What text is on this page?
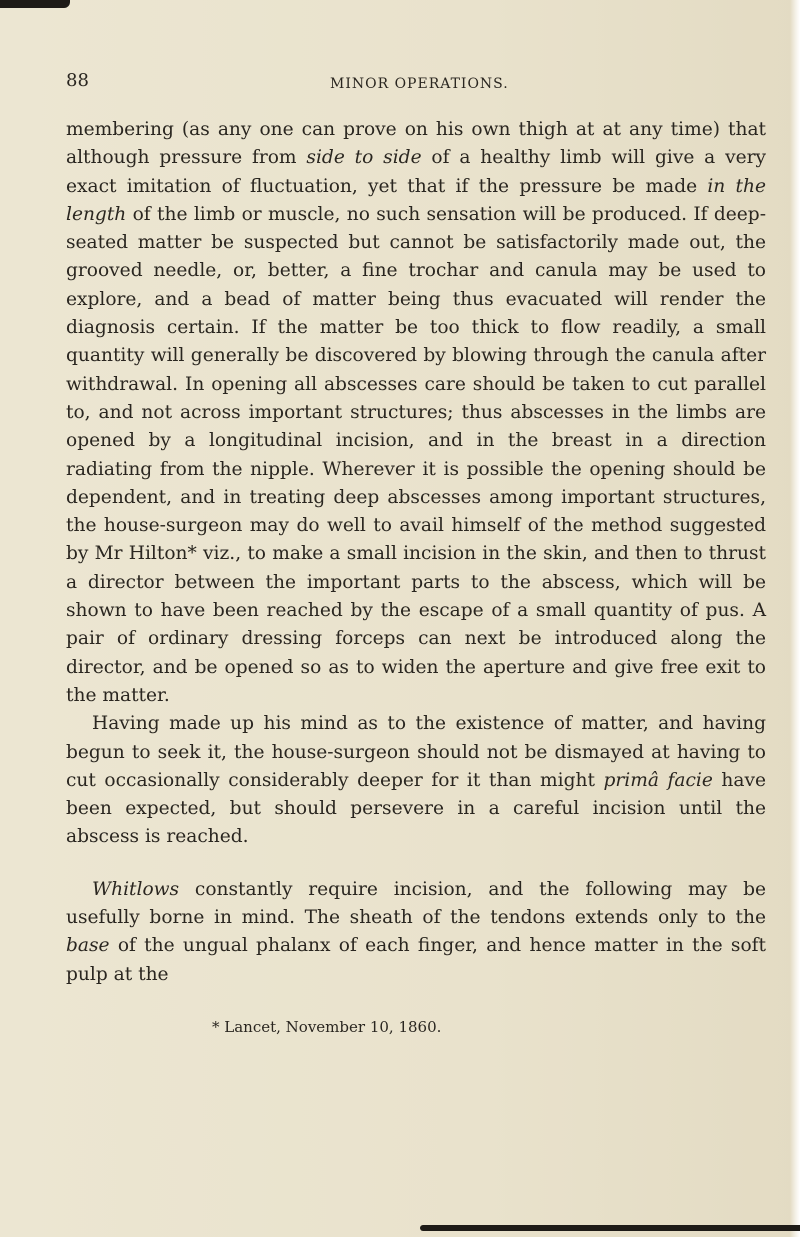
88	MINOR OPERATIONS.

membering (as any one can prove on his own thigh at at any time) that although pressure from side to side of a healthy limb will give a very exact imitation of fluctuation, yet that if the pressure be made in the length of the limb or muscle, no such sensation will be produced. If deep-seated matter be suspected but cannot be satisfactorily made out, the grooved needle, or, better, a fine trochar and canula may be used to explore, and a bead of matter being thus evacuated will render the diagnosis certain. If the matter be too thick to flow readily, a small quantity will generally be discovered by blowing through the canula after withdrawal. In opening all abscesses care should be taken to cut parallel to, and not across important structures; thus abscesses in the limbs are opened by a longitudinal incision, and in the breast in a direction radiating from the nipple. Wherever it is possible the opening should be dependent, and in treating deep abscesses among important structures, the house-surgeon may do well to avail himself of the method suggested by Mr Hilton* viz., to make a small incision in the skin, and then to thrust a director between the important parts to the abscess, which will be shown to have been reached by the escape of a small quantity of pus. A pair of ordinary dressing forceps can next be introduced along the director, and be opened so as to widen the aperture and give free exit to the matter.

Having made up his mind as to the existence of matter, and having begun to seek it, the house-surgeon should not be dismayed at having to cut occasionally considerably deeper for it than might primâ facie have been expected, but should persevere in a careful incision until the abscess is reached.

Whitlows constantly require incision, and the following may be usefully borne in mind. The sheath of the tendons extends only to the base of the ungual phalanx of each finger, and hence matter in the soft pulp at the

* Lancet, November 10, 1860.
